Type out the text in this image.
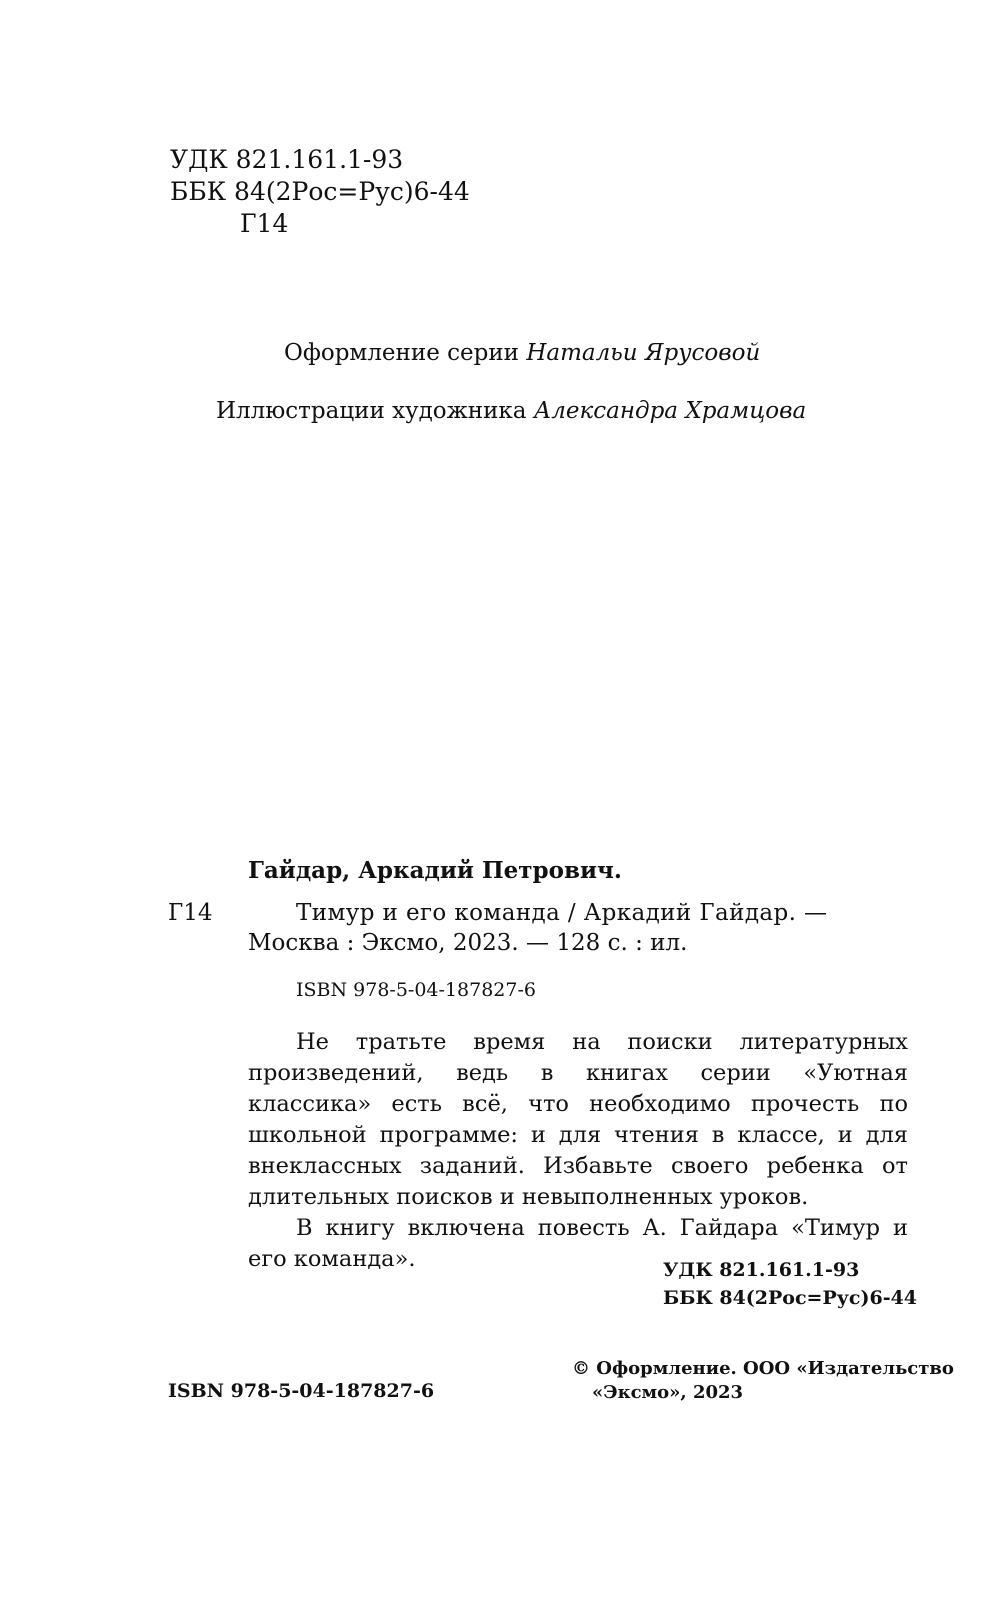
УДК 821.161.1-93
ББК 84(2Рос=Рус)6-44
Г14
Оформление серии Натальи Ярусовой
Иллюстрации художника Александра Храмцова
Гайдар, Аркадий Петрович.
Г14	Тимур и его команда / Аркадий Гайдар. —
Москва : Эксмо, 2023. — 128 с. : ил.
ISBN 978-5-04-187827-6

Не тратьте время на поиски литературных произведений, ведь в книгах серии «Уютная классика» есть всё, что необходимо прочесть по школьной программе: и для чтения в классе, и для внеклассных заданий. Избавьте своего ребенка от длительных поисков и невыполненных уроков.

В книгу включена повесть А. Гайдара «Тимур и его команда».	УДК 821.161.1-93
ББК 84(2Рос=Рус)6-44
ISBN 978-5-04-187827-6
© Оформление. ООО «Издательство
«Эксмо», 2023
